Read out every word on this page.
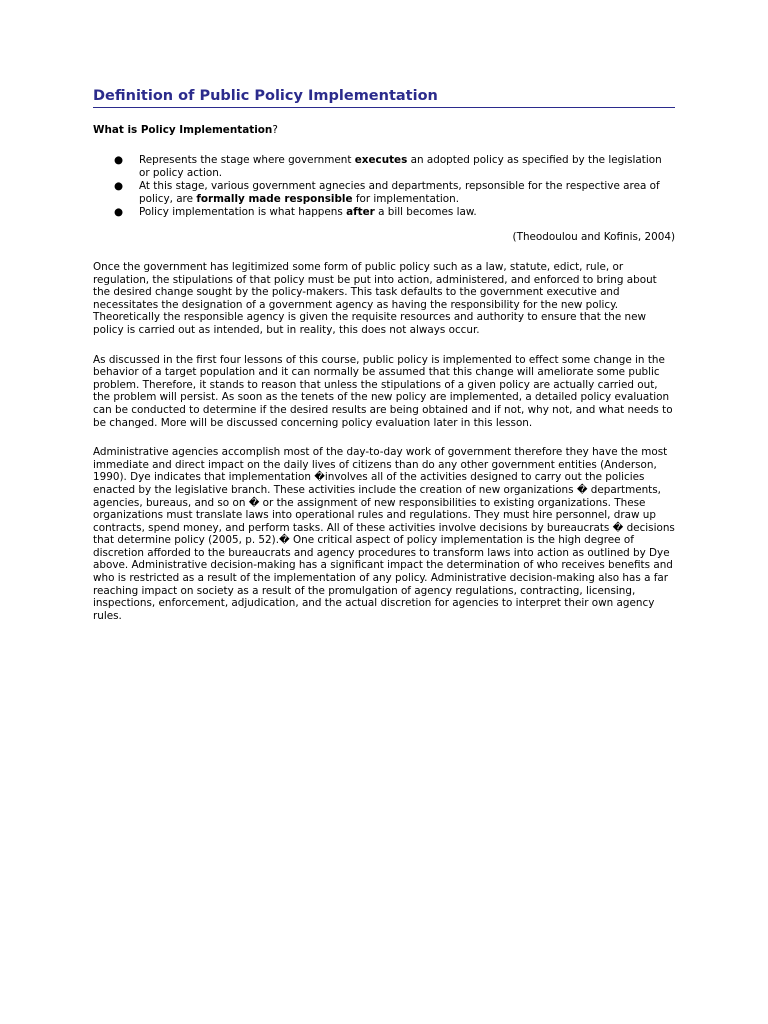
Definition of Public Policy Implementation

What is Policy Implementation?

● Represents the stage where government executes an adopted policy as specified by the legislation or policy action.
● At this stage, various government agnecies and departments, repsonsible for the respective area of policy, are formally made responsible for implementation.
● Policy implementation is what happens after a bill becomes law.

(Theodoulou and Kofinis, 2004)

Once the government has legitimized some form of public policy such as a law, statute, edict, rule, or regulation, the stipulations of that policy must be put into action, administered, and enforced to bring about the desired change sought by the policy-makers. This task defaults to the government executive and necessitates the designation of a government agency as having the responsibility for the new policy. Theoretically the responsible agency is given the requisite resources and authority to ensure that the new policy is carried out as intended, but in reality, this does not always occur.

As discussed in the first four lessons of this course, public policy is implemented to effect some change in the behavior of a target population and it can normally be assumed that this change will ameliorate some public problem. Therefore, it stands to reason that unless the stipulations of a given policy are actually carried out, the problem will persist. As soon as the tenets of the new policy are implemented, a detailed policy evaluation can be conducted to determine if the desired results are being obtained and if not, why not, and what needs to be changed. More will be discussed concerning policy evaluation later in this lesson.

Administrative agencies accomplish most of the day-to-day work of government therefore they have the most immediate and direct impact on the daily lives of citizens than do any other government entities (Anderson, 1990). Dye indicates that implementation �involves all of the activities designed to carry out the policies enacted by the legislative branch. These activities include the creation of new organizations � departments, agencies, bureaus, and so on � or the assignment of new responsibilities to existing organizations. These organizations must translate laws into operational rules and regulations. They must hire personnel, draw up contracts, spend money, and perform tasks. All of these activities involve decisions by bureaucrats � decisions that determine policy (2005, p. 52).� One critical aspect of policy implementation is the high degree of discretion afforded to the bureaucrats and agency procedures to transform laws into action as outlined by Dye above. Administrative decision-making has a significant impact the determination of who receives benefits and who is restricted as a result of the implementation of any policy. Administrative decision-making also has a far reaching impact on society as a result of the promulgation of agency regulations, contracting, licensing, inspections, enforcement, adjudication, and the actual discretion for agencies to interpret their own agency rules.
